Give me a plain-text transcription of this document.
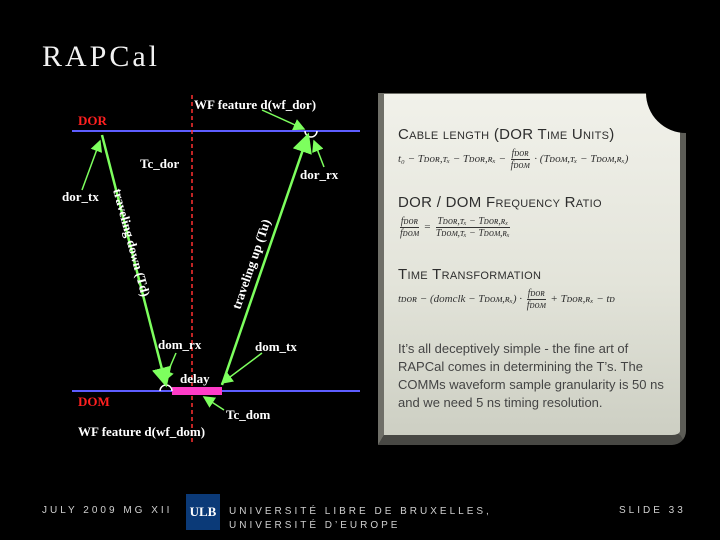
RAPCal
WF feature d(wf_dor)
DOR
Tc_dor
dor_tx
dor_rx
traveling down (Td)	traveling up (Tu)
dom_rx	dom_tx
delay
DOM
Tc_dom
WF feature d(wf_dom)
Cable length (DOR Time Units)
t₀ − Tᴅᴏʀ,ᴛₓ − Tᴅᴏʀ,ʀₓ − $\frac{\text{fᴅᴏʀ}}{\text{fᴅᴏᴍ}}$ · (Tᴅᴏᴍ,ᴛₓ − Tᴅᴏᴍ,ʀₓ)
DOR / DOM Frequency Ratio
$\frac{\text{fᴅᴏʀ}}{\text{fᴅᴏᴍ}} = \frac{\text{Tᴅᴏʀ,ᴛₓ − Tᴅᴏʀ,ʀₓ}}{\text{Tᴅᴏᴍ,ᴛₓ − Tᴅᴏᴍ,ʀₓ}}$
Time Transformation
tᴅᴏʀ − (domclk − Tᴅᴏᴍ,ʀₓ) · $\frac{\text{fᴅᴏʀ}}{\text{fᴅᴏᴍ}}$ + Tᴅᴏʀ,ʀₓ − tᴅ
It’s all deceptively simple - the fine art of RAPCal comes in determining the T’s. The COMMs waveform sample granularity is 50 ns and we need 5 ns timing resolution.
JULY 2009 MG XII ULB	UNIVERSITÉ LIBRE DE BRUXELLES, UNIVERSITÉ D’EUROPE
SLIDE 33
